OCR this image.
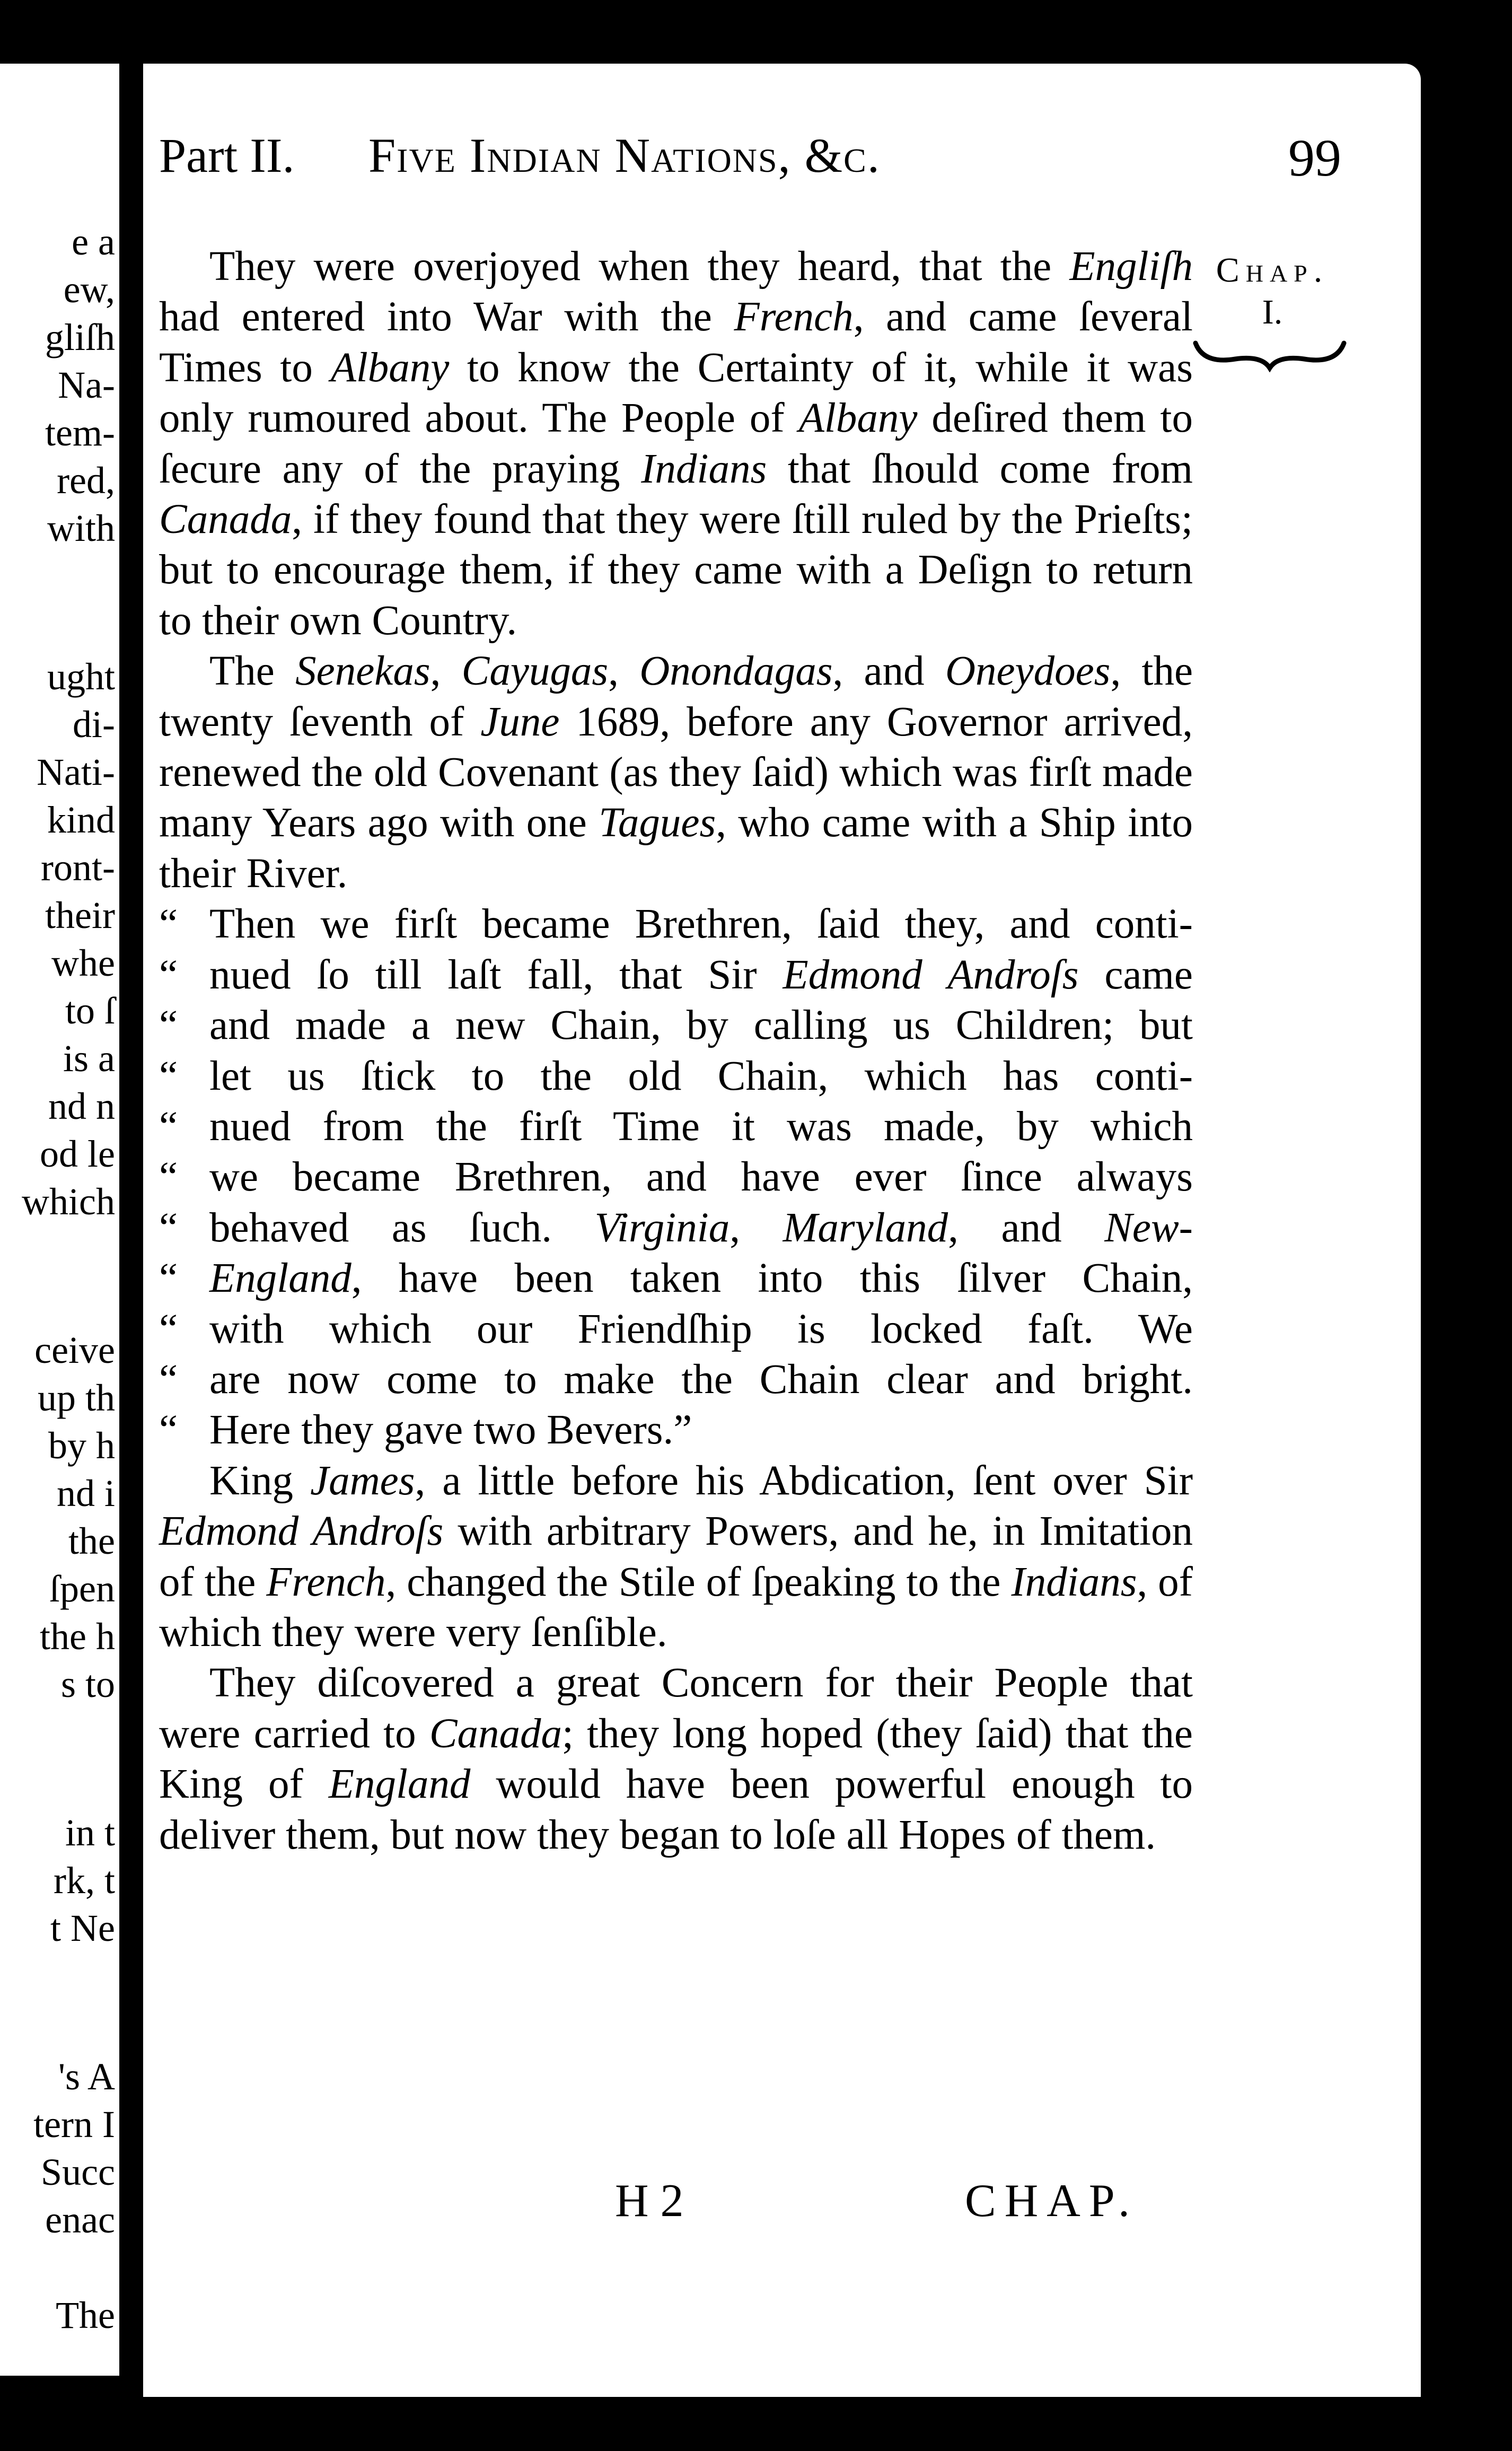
e a
ew,
gliſh
Na-
tem-
red,
with
ught
di-
Nati-
kind
ront-
their
whe
to ſ
is a
nd n
od le
which
ceive
up th
by h
nd i
the
ſpen
the h
s to
in t
rk, t
t Ne
's A
tern I
Succ
enac
The
Part II. Five Indian Nations, &c.	99
Chap.
I.

They were overjoyed when they heard, that the Engliſh had entered into War with the French, and came ſeveral Times to Albany to know the Certainty of it, while it was only rumoured about. The People of Albany deſired them to ſecure any of the praying Indians that ſhould come from Canada, if they found that they were ſtill ruled by the Prieſts; but to encourage them, if they came with a Deſign to return to their own Country.

The Senekas, Cayugas, Onondagas, and Oneydoes, the twenty ſeventh of June 1689, before any Governor arrived, renewed the old Covenant (as they ſaid) which was firſt made many Years ago with one Tagues, who came with a Ship into their River.

“ Then we firſt became Brethren, ſaid they, and conti-

“ nued ſo till laſt fall, that Sir Edmond Androſs came

“ and made a new Chain, by calling us Children; but

“ let us ſtick to the old Chain, which has conti-

“ nued from the firſt Time it was made, by which

“ we became Brethren, and have ever ſince always

“ behaved as ſuch. Virginia, Maryland, and New-

“ England, have been taken into this ſilver Chain,

“ with which our Friendſhip is locked faſt. We

“ are now come to make the Chain clear and bright.

“ Here they gave two Bevers.”

King James, a little before his Abdication, ſent over Sir Edmond Androſs with arbitrary Powers, and he, in Imitation of the French, changed the Stile of ſpeaking to the Indians, of which they were very ſenſible.

They diſcovered a great Concern for their People that were carried to Canada; they long hoped (they ſaid) that the King of England would have been powerful enough to deliver them, but now they began to loſe all Hopes of them.

H 2	CHAP.
